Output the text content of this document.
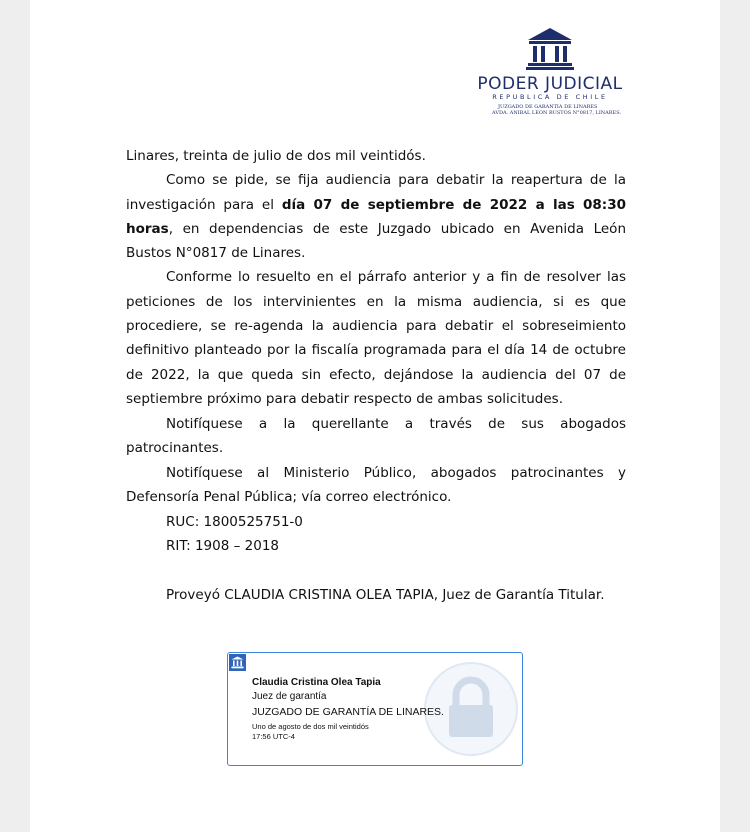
PODER JUDICIAL
REPUBLICA DE CHILE
JUZGADO DE GARANTIA DE LINARES
AVDA. ANIBAL LEON BUSTOS N°0817, LINARES.
Linares, treinta de julio de dos mil veintidós.
Como se pide, se fija audiencia para debatir la reapertura de la
investigación para el día 07 de septiembre de 2022 a las 08:30
horas, en dependencias de este Juzgado ubicado en Avenida León
Bustos N°0817 de Linares.
Conforme lo resuelto en el párrafo anterior y a fin de resolver las
peticiones de los intervinientes en la misma audiencia, si es que
procediere, se re-agenda la audiencia para debatir el sobreseimiento
definitivo planteado por la fiscalía programada para el día 14 de octubre
de 2022, la que queda sin efecto, dejándose la audiencia del 07 de
septiembre próximo para debatir respecto de ambas solicitudes.
Notifíquese a la querellante a través de sus abogados
patrocinantes.
Notifíquese al Ministerio Público, abogados patrocinantes y
Defensoría Penal Pública; vía correo electrónico.
RUC: 1800525751-0
RIT: 1908 – 2018
Proveyó CLAUDIA CRISTINA OLEA TAPIA, Juez de Garantía Titular.
Claudia Cristina Olea Tapia
Juez de garantía
JUZGADO DE GARANTÍA DE LINARES.
Uno de agosto de dos mil veintidós
17:56 UTC-4
